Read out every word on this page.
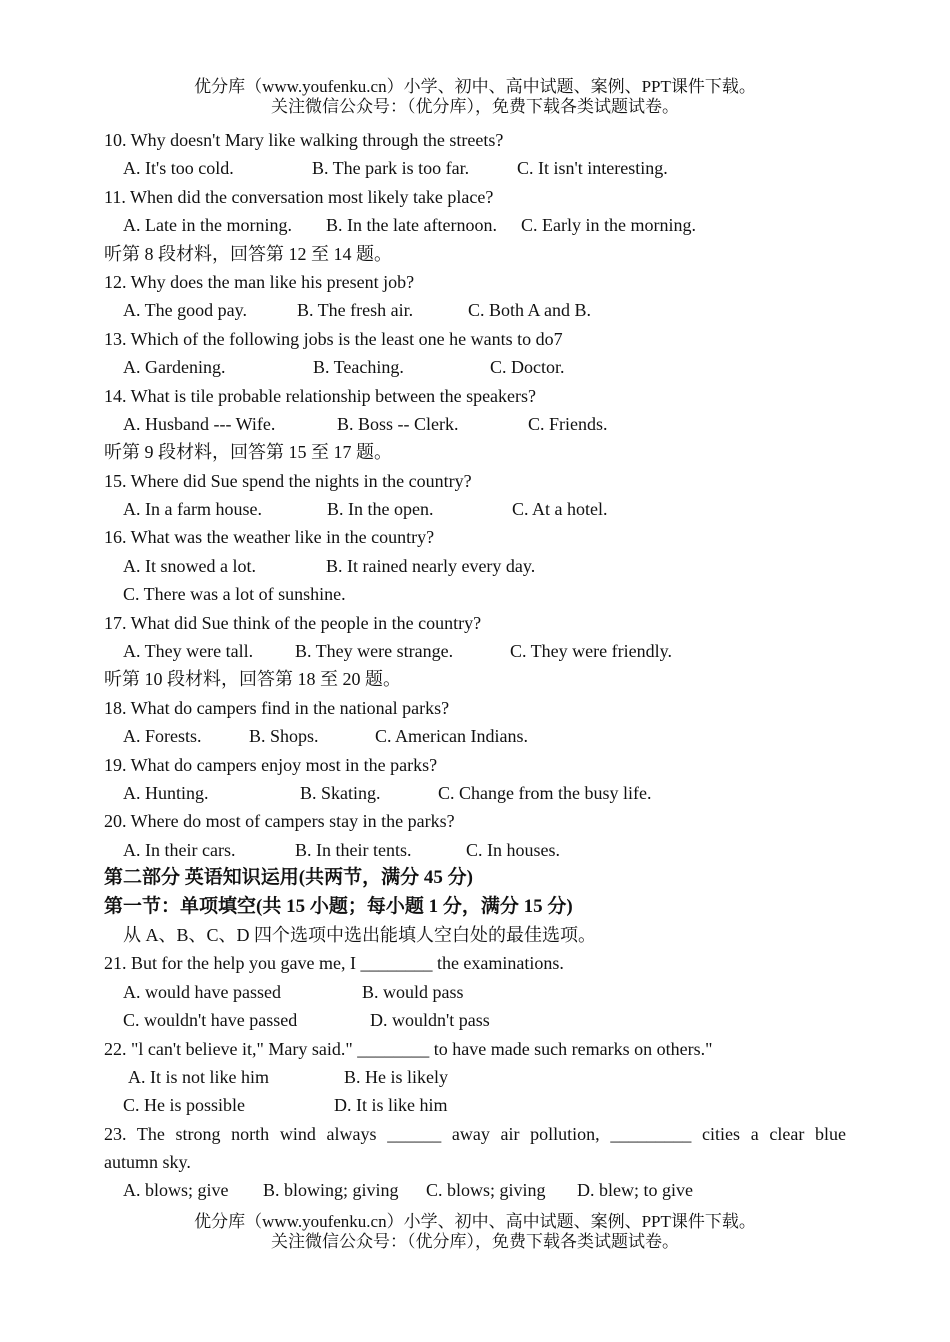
优分库（www.youfenku.cn）小学、初中、高中试题、案例、PPT课件下载。
关注微信公众号：（优分库），免费下载各类试题试卷。
10. Why doesn't Mary like walking through the streets?
A. It's too cold.	B. The park is too far.	C. It isn't interesting.
11. When did the conversation most likely take place?
A. Late in the morning.	B. In the late afternoon.	C. Early in the morning.
听第 8 段材料，回答第 12 至 14 题。
12. Why does the man like his present job?
A. The good pay.	B. The fresh air.	C. Both A and B.
13. Which of the following jobs is the least one he wants to do7
A. Gardening.	B. Teaching.	C. Doctor.
14. What is tile probable relationship between the speakers?
A. Husband --- Wife.	B. Boss -- Clerk.	C. Friends.
听第 9 段材料，回答第 15 至 17 题。
15. Where did Sue spend the nights in the country?
A. In a farm house.	B. In the open.	C. At a hotel.
16. What was the weather like in the country?
A. It snowed a lot.	B. It rained nearly every day.
C. There was a lot of sunshine.
17. What did Sue think of the people in the country?
A. They were tall.	B. They were strange.	C. They were friendly.
听第 10 段材料，回答第 18 至 20 题。
18. What do campers find in the national parks?
A. Forests.	B. Shops.	C. American Indians.
19. What do campers enjoy most in the parks?
A. Hunting.	B. Skating.	C. Change from the busy life.
20. Where do most of campers stay in the parks?
A. In their cars.	B. In their tents.	C. In houses.
第二部分 英语知识运用(共两节，满分 45 分)
第一节：单项填空(共 15 小题；每小题 1 分，满分 15 分)
从 A、B、C、D 四个选项中选出能填人空白处的最佳选项。
21. But for the help you gave me, I ________ the examinations.
A. would have passed	B. would pass
C. wouldn't have passed	D. wouldn't pass
22. "l can't believe it," Mary said." ________ to have made such remarks on others."
A. It is not like him	B. He is likely
C. He is possible	D. It is like him
23. The strong north wind always ______ away air pollution, _________ cities a clear blue
autumn sky.
A. blows; give	B. blowing; giving	C. blows; giving	D. blew; to give
优分库（www.youfenku.cn）小学、初中、高中试题、案例、PPT课件下载。
关注微信公众号：（优分库），免费下载各类试题试卷。
